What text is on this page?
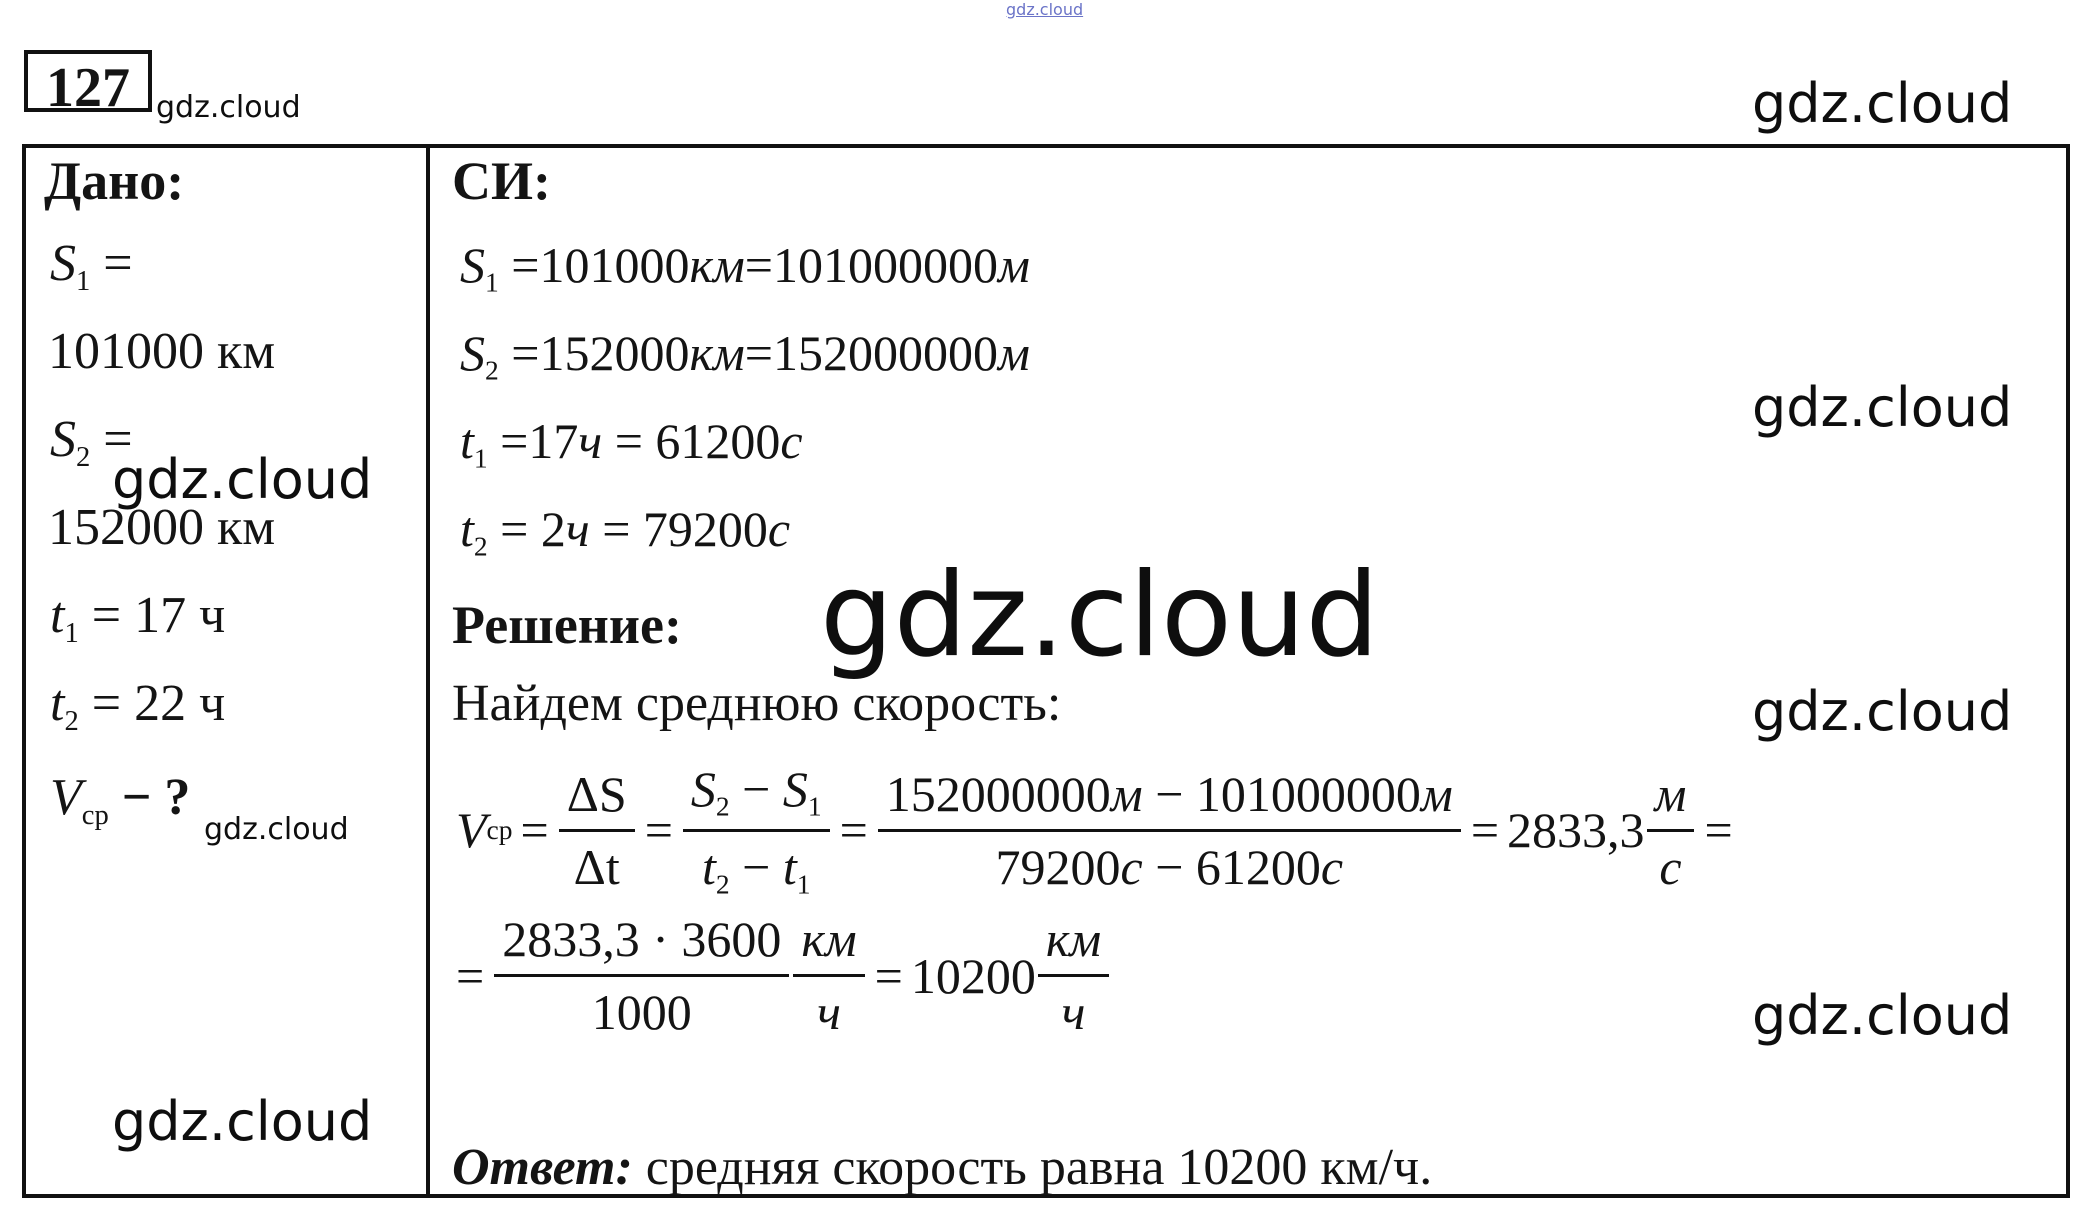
gdz.cloud
127 gdz.cloud	gdz.cloud
Дано:
$S_1$ =
101000 км
$S_2$ =
152000 км
$t_1 = 17$ ч
$t_2 = 22$ ч
$V_{ср}$ − ?
gdz.cloud
gdz.cloud
gdz.cloud
СИ:
$S_1 =101000км=101000000м$
$S_2 =152000км=152000000м$
$t_1 =17ч = 61200с$
$t_2 = 2ч = 79200с$
Решение:
Найдем среднюю скорость:
V ср = $\frac{\Delta S}{\Delta t} = \frac{S_2 - S_1}{t_2 - t_1} = \frac{152000000м - 101000000м}{79200с - 61200с} = 2833,3 \frac{м}{с}$ =
= $\frac{2833,3 \cdot 3600}{1000} \frac{км}{ч} = 10200 \frac{км}{ч}$
Ответ: средняя скорость равна 10200 км/ч.
gdz.cloud
gdz.cloud
gdz.cloud
gdz.cloud
